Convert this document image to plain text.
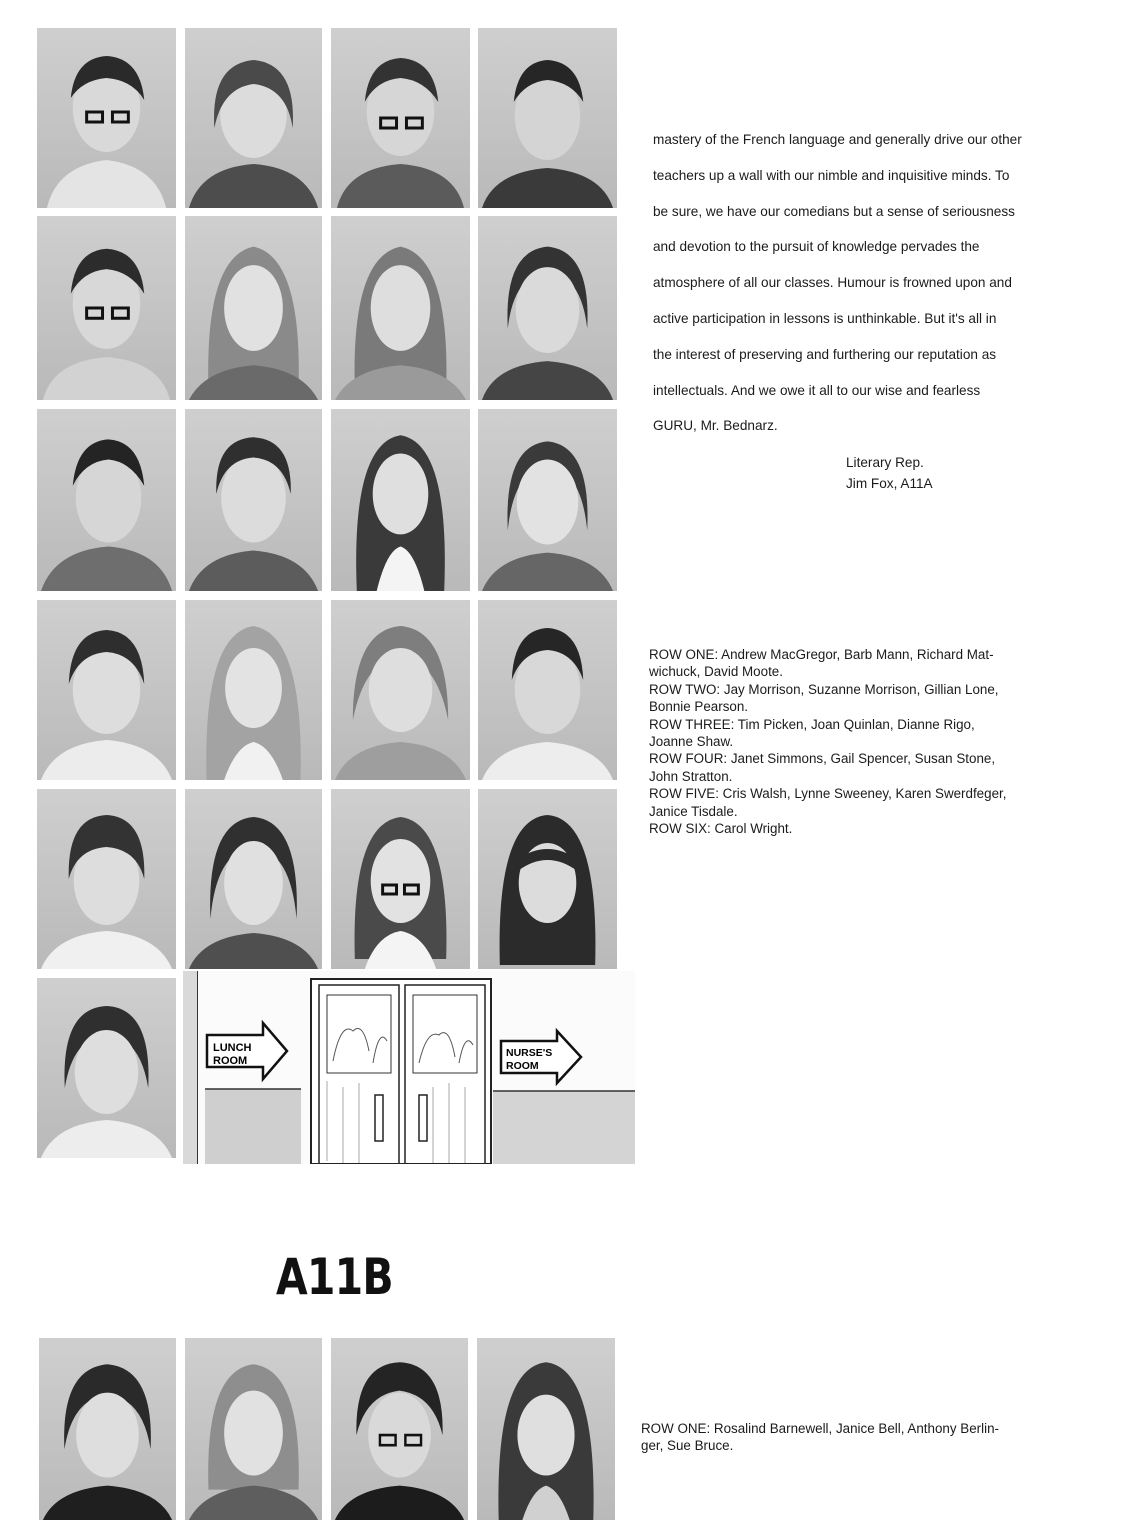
LUNCH
ROOM
NURSE'S
ROOM
mastery of the French language and generally drive our other
teachers up a wall with our nimble and inquisitive minds. To
be sure, we have our comedians but a sense of seriousness
and devotion to the pursuit of knowledge pervades the
atmosphere of all our classes. Humour is frowned upon and
active participation in lessons is unthinkable. But it's all in
the interest of preserving and furthering our reputation as
intellectuals. And we owe it all to our wise and fearless
GURU, Mr. Bednarz.
Literary Rep.
Jim Fox, A11A
ROW ONE: Andrew MacGregor, Barb Mann, Richard Mat-
wichuck, David Moote.
ROW TWO: Jay Morrison, Suzanne Morrison, Gillian Lone,
Bonnie Pearson.
ROW THREE: Tim Picken, Joan Quinlan, Dianne Rigo,
Joanne Shaw.
ROW FOUR: Janet Simmons, Gail Spencer, Susan Stone,
John Stratton.
ROW FIVE: Cris Walsh, Lynne Sweeney, Karen Swerdfeger,
Janice Tisdale.
ROW SIX: Carol Wright.
A11B
ROW ONE: Rosalind Barnewell, Janice Bell, Anthony Berlin-
ger, Sue Bruce.
